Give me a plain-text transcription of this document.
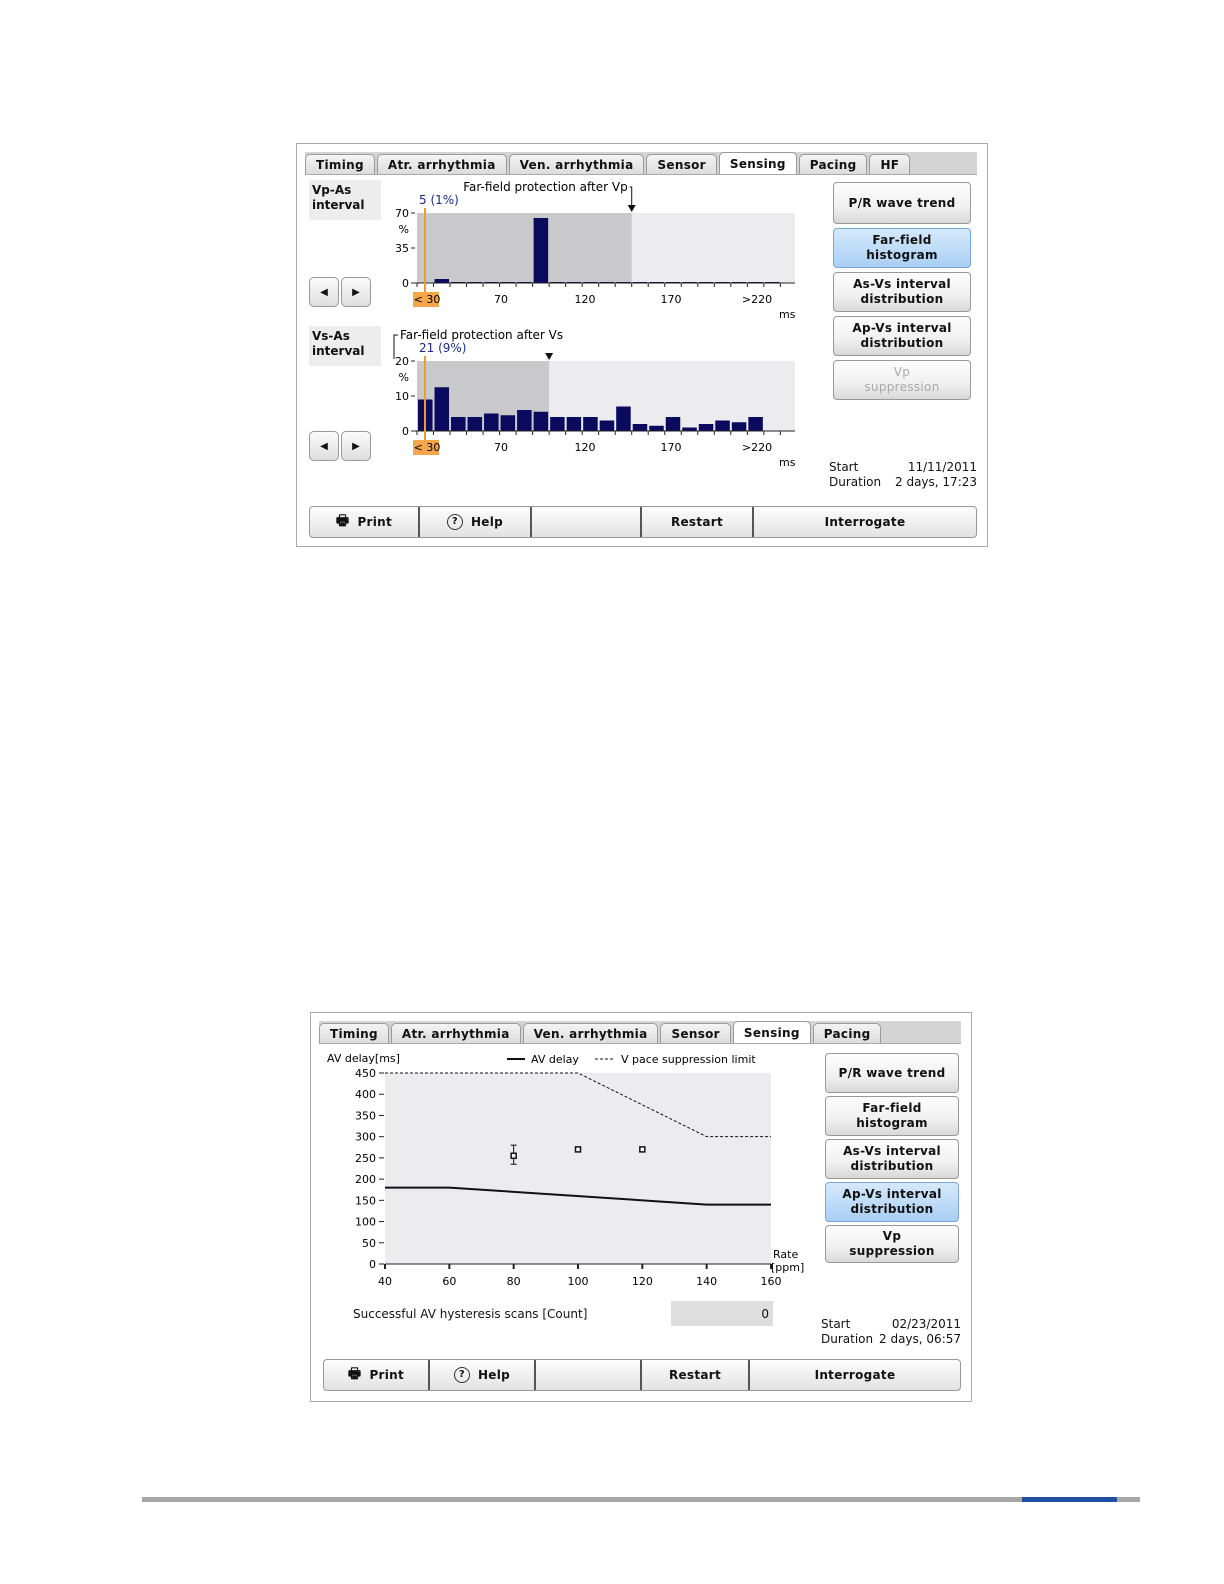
Timing	Atr. arrhythmia	Ven. arrhythmia	Sensor	Sensing	Pacing	HF
Vp-As
interval
◀	▶
Vs-As
interval
◀	▶
70
%
35
0
< 30	70	120	170	>220
ms
5 (1%)
Far-field protection after Vp
20
%
10
0
< 30	70	120	170	>220
ms
21 (9%)
Far-field protection after Vs
P/R wave trend
Far-field
histogram
As-Vs interval
distribution
Ap-Vs interval
distribution
Vp
suppression
Start	11/11/2011
Duration 2 days, 17:23
🖶 Print	?	Help	Restart	Interrogate
Timing	Atr. arrhythmia	Ven. arrhythmia	Sensor	Sensing	Pacing
AV delay[ms]	AV delay	V pace suppression limit
450
400
350
300
250
200
150
100
50
0
40	60	80	100	120	140	160
Rate
[ppm]
P/R wave trend
Far-field
histogram
As-Vs interval
distribution
Ap-Vs interval
distribution
Vp
suppression
Successful AV hysteresis scans [Count]	0
Start	02/23/2011
Duration 2 days, 06:57
🖶 Print	?	Help	Restart	Interrogate
